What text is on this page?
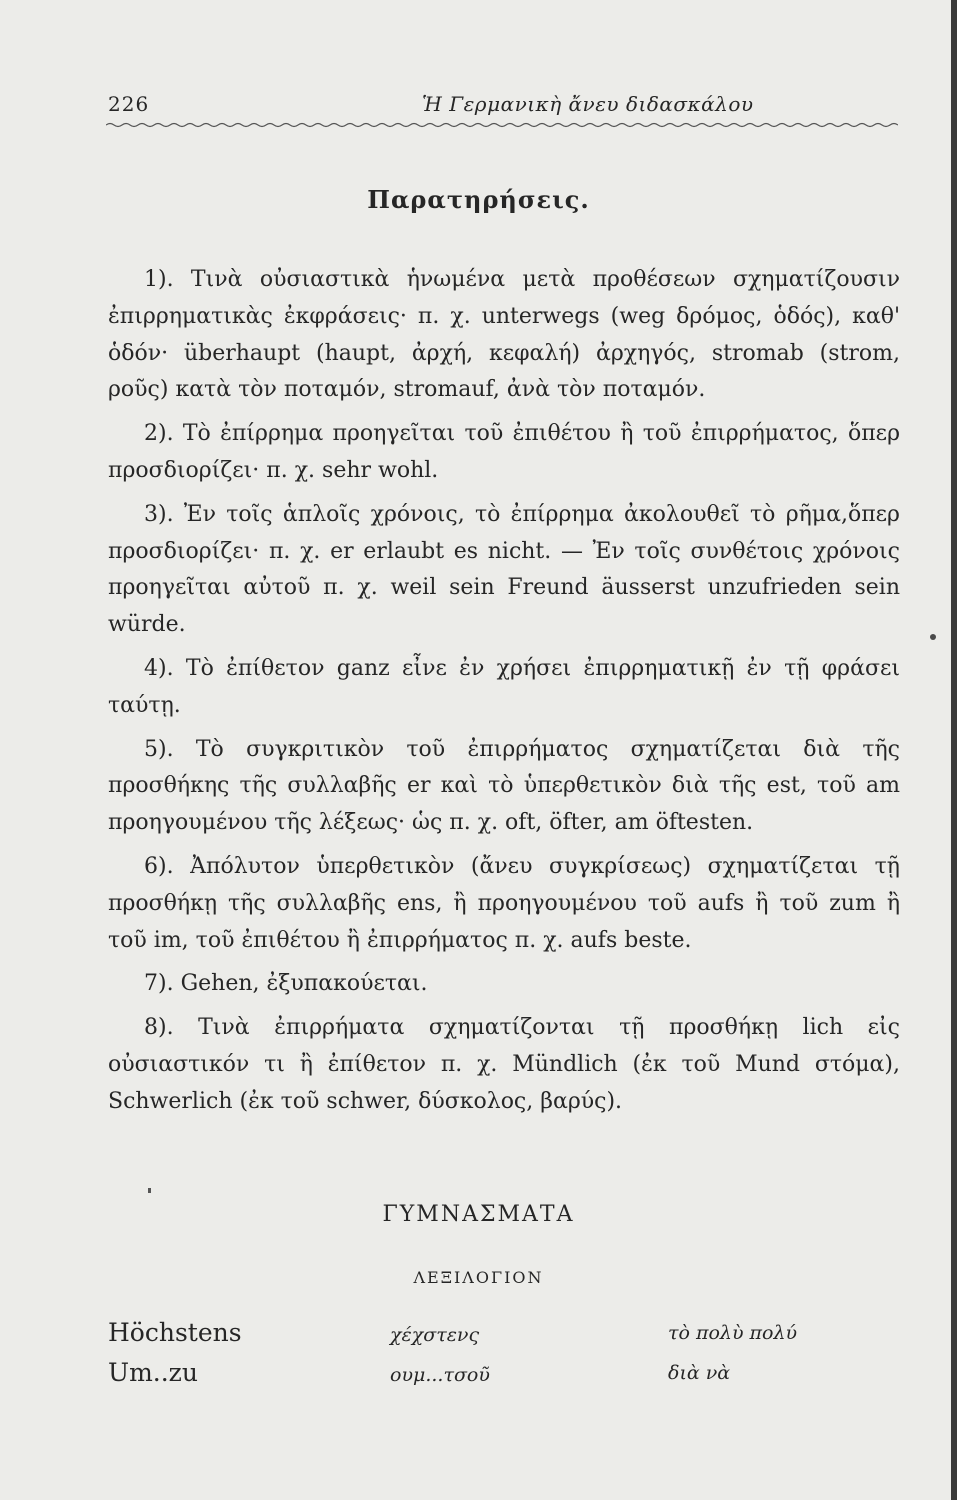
226	Ἡ Γερμανικὴ ἄνευ διδασκάλου
Παρατηρήσεις.

1). Τινὰ οὐσιαστικὰ ἡνωμένα μετὰ προθέσεων σχηματίζουσιν ἐπιρρηματικὰς ἐκφράσεις· π. χ. unterwegs (weg δρόμος, ὁδός), καθ' ὁδόν· überhaupt (haupt, ἀρχή, κεφαλή) ἀρχηγός, stromab (strom, ροῦς) κατὰ τὸν ποταμόν, stromauf, ἀνὰ τὸν ποταμόν.

2). Τὸ ἐπίρρημα προηγεῖται τοῦ ἐπιθέτου ἢ τοῦ ἐπιρρήματος, ὅπερ προσδιορίζει· π. χ. sehr wohl.

3). Ἐν τοῖς ἁπλοῖς χρόνοις, τὸ ἐπίρρημα ἀκολουθεῖ τὸ ρῆμα,ὅπερ προσδιορίζει· π. χ. er erlaubt es nicht. — Ἐν τοῖς συνθέτοις χρόνοις προηγεῖται αὐτοῦ π. χ. weil sein Freund äusserst unzufrieden sein würde.

4). Τὸ ἐπίθετον ganz εἶνε ἐν χρήσει ἐπιρρηματικῇ ἐν τῇ φράσει ταύτῃ.

5). Τὸ συγκριτικὸν τοῦ ἐπιρρήματος σχηματίζεται διὰ τῆς προσθήκης τῆς συλλαβῆς er καὶ τὸ ὑπερθετικὸν διὰ τῆς est, τοῦ am προηγουμένου τῆς λέξεως· ὡς π. χ. oft, öfter, am öftesten.

6). Ἀπόλυτον ὑπερθετικὸν (ἄνευ συγκρίσεως) σχηματίζεται τῇ προσθήκῃ τῆς συλλαβῆς ens, ἢ προηγουμένου τοῦ aufs ἢ τοῦ zum ἢ τοῦ im, τοῦ ἐπιθέτου ἢ ἐπιρρήματος π. χ. aufs beste.

7). Gehen, ἐξυπακούεται.

8). Τινὰ ἐπιρρήματα σχηματίζονται τῇ προσθήκῃ lich εἰς οὐσιαστικόν τι ἢ ἐπίθετον π. χ. Mündlich (ἐκ τοῦ Mund στόμα), Schwerlich (ἐκ τοῦ schwer, δύσκολος, βαρύς).

ΓΥΜΝΑΣΜΑΤΑ
ΛΕΞΙΛΟΓΙΟΝ
Höchstens	χέχστενς	τὸ πολὺ πολύ
Um..zu	ουμ...τσοῦ	διὰ νὰ
